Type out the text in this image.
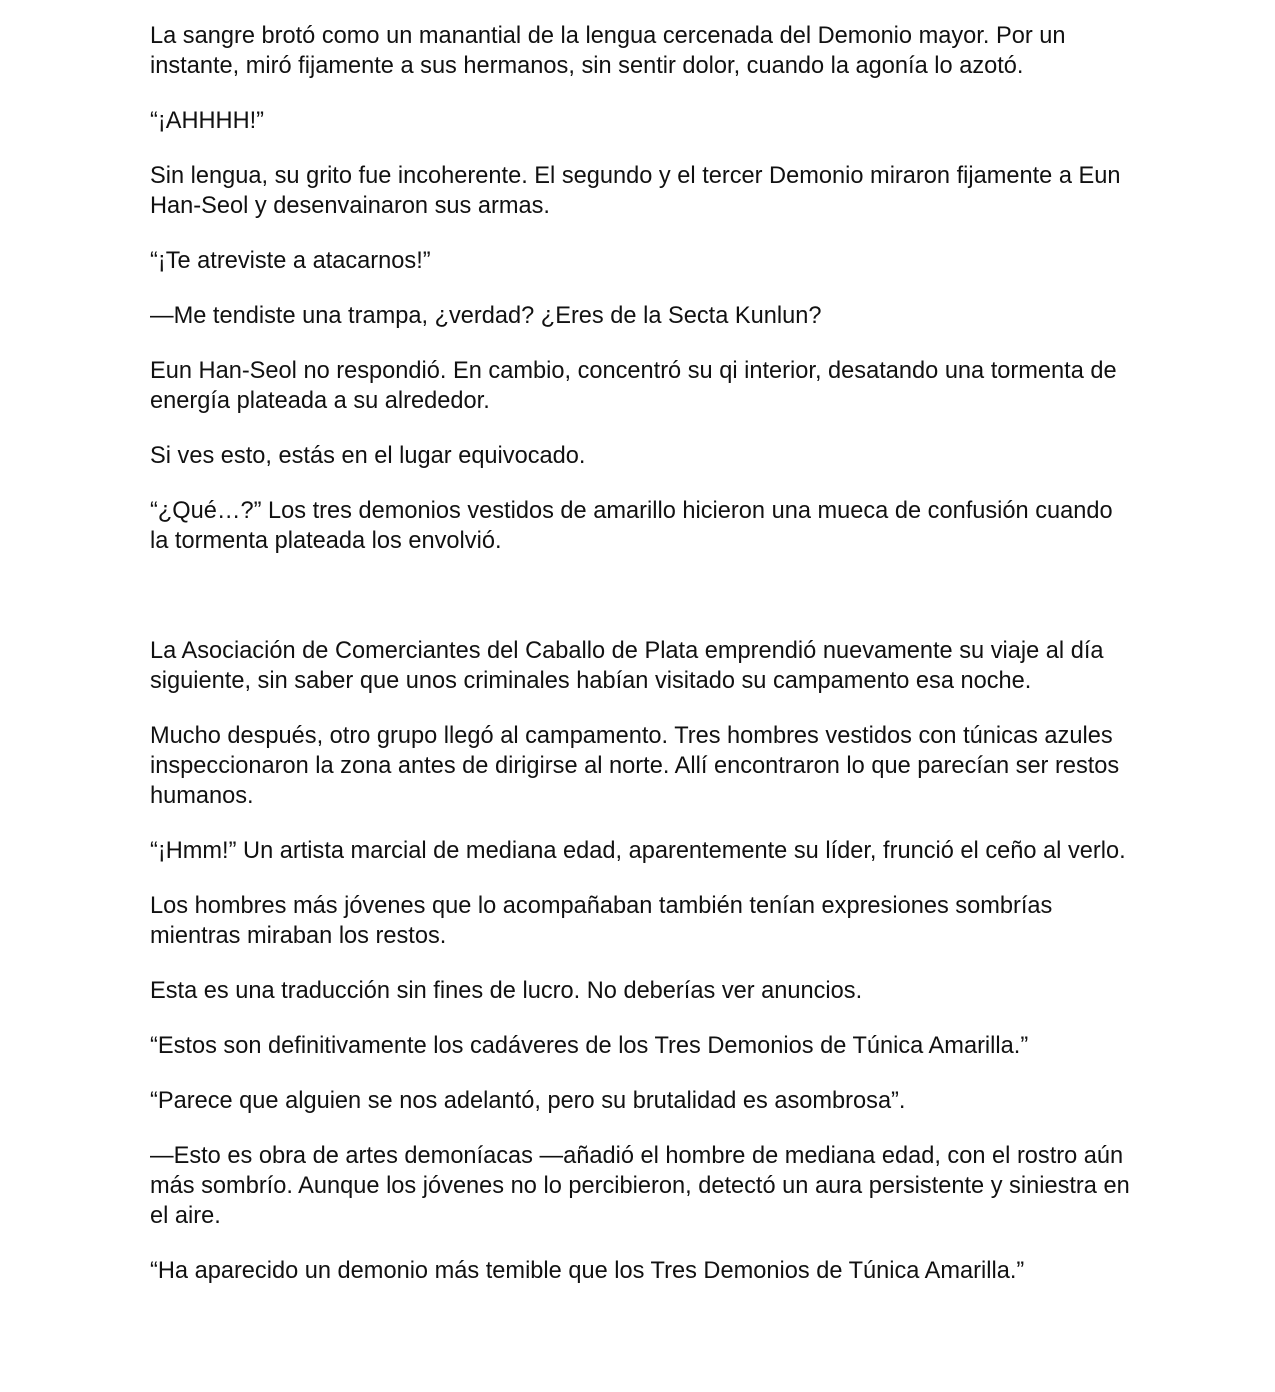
La sangre brotó como un manantial de la lengua cercenada del Demonio mayor. Por un instante, miró fijamente a sus hermanos, sin sentir dolor, cuando la agonía lo azotó.

“¡AHHHH!”

Sin lengua, su grito fue incoherente. El segundo y el tercer Demonio miraron fijamente a Eun Han-Seol y desenvainaron sus armas.

“¡Te atreviste a atacarnos!”

—Me tendiste una trampa, ¿verdad? ¿Eres de la Secta Kunlun?

Eun Han-Seol no respondió. En cambio, concentró su qi interior, desatando una tormenta de energía plateada a su alrededor.

Si ves esto, estás en el lugar equivocado.

“¿Qué…?” Los tres demonios vestidos de amarillo hicieron una mueca de confusión cuando la tormenta plateada los envolvió.

La Asociación de Comerciantes del Caballo de Plata emprendió nuevamente su viaje al día siguiente, sin saber que unos criminales habían visitado su campamento esa noche.

Mucho después, otro grupo llegó al campamento. Tres hombres vestidos con túnicas azules inspeccionaron la zona antes de dirigirse al norte. Allí encontraron lo que parecían ser restos humanos.

“¡Hmm!” Un artista marcial de mediana edad, aparentemente su líder, frunció el ceño al verlo.

Los hombres más jóvenes que lo acompañaban también tenían expresiones sombrías mientras miraban los restos.

Esta es una traducción sin fines de lucro. No deberías ver anuncios.

“Estos son definitivamente los cadáveres de los Tres Demonios de Túnica Amarilla.”

“Parece que alguien se nos adelantó, pero su brutalidad es asombrosa”.

—Esto es obra de artes demoníacas —añadió el hombre de mediana edad, con el rostro aún más sombrío. Aunque los jóvenes no lo percibieron, detectó un aura persistente y siniestra en el aire.

“Ha aparecido un demonio más temible que los Tres Demonios de Túnica Amarilla.”
